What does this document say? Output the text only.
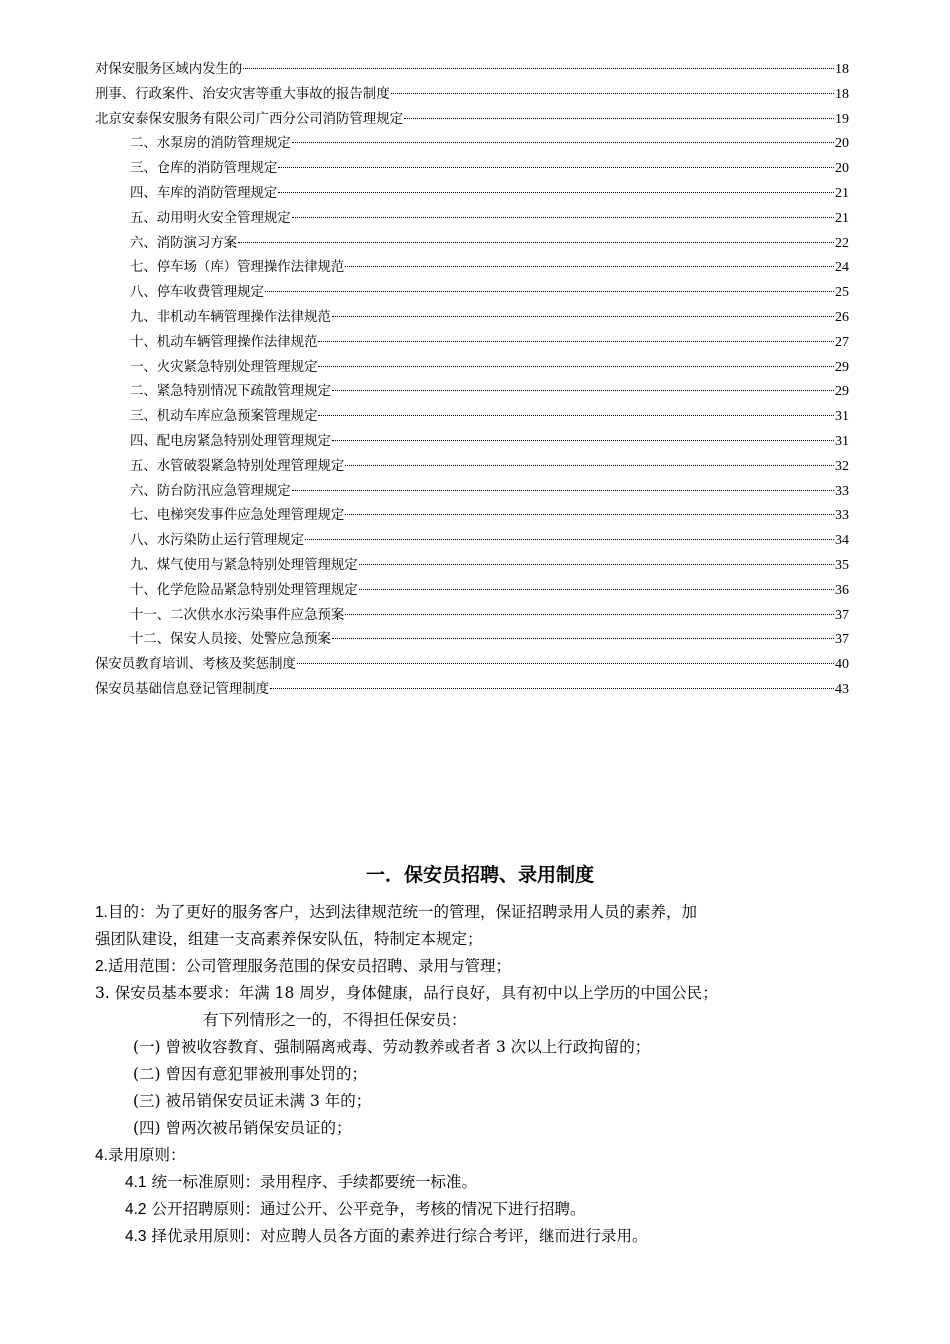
对保安服务区域内发生的	18
刑事、行政案件、治安灾害等重大事故的报告制度	18
北京安泰保安服务有限公司广西分公司消防管理规定	19
二、水泵房的消防管理规定	20
三、仓库的消防管理规定	20
四、车库的消防管理规定	21
五、动用明火安全管理规定	21
六、消防演习方案	22
七、停车场（库）管理操作法律规范	24
八、停车收费管理规定	25
九、非机动车辆管理操作法律规范	26
十、机动车辆管理操作法律规范	27
一、火灾紧急特别处理管理规定	29
二、紧急特别情况下疏散管理规定	29
三、机动车库应急预案管理规定	31
四、配电房紧急特别处理管理规定	31
五、水管破裂紧急特别处理管理规定	32
六、防台防汛应急管理规定	33
七、电梯突发事件应急处理管理规定	33
八、水污染防止运行管理规定	34
九、煤气使用与紧急特别处理管理规定	35
十、化学危险品紧急特别处理管理规定	36
十一、二次供水水污染事件应急预案	37
十二、保安人员接、处警应急预案	37
保安员教育培训、考核及奖惩制度	40
保安员基础信息登记管理制度	43
一．保安员招聘、录用制度

1.目的：为了更好的服务客户，达到法律规范统一的管理，保证招聘录用人员的素养，加

强团队建设，组建一支高素养保安队伍，特制定本规定；

2.适用范围：公司管理服务范围的保安员招聘、录用与管理；

3. 保安员基本要求：年满 18 周岁，身体健康，品行良好，具有初中以上学历的中国公民；

有下列情形之一的，不得担任保安员：

(一) 曾被收容教育、强制隔离戒毒、劳动教养或者者 3 次以上行政拘留的；

(二) 曾因有意犯罪被刑事处罚的；

(三) 被吊销保安员证未满 3 年的；

(四) 曾两次被吊销保安员证的；

4.录用原则：

4.1 统一标准原则：录用程序、手续都要统一标准。

4.2 公开招聘原则：通过公开、公平竞争，考核的情况下进行招聘。

4.3 择优录用原则：对应聘人员各方面的素养进行综合考评，继而进行录用。
